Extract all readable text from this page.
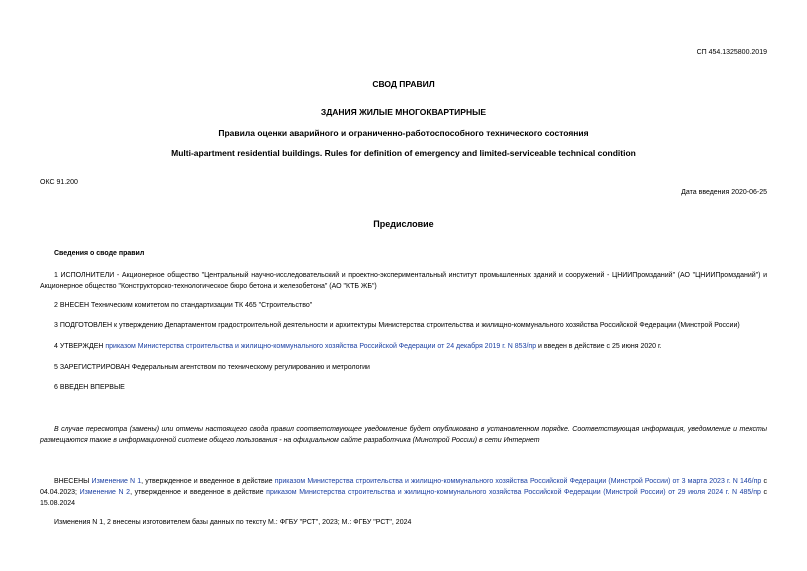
СП 454.1325800.2019
СВОД ПРАВИЛ
ЗДАНИЯ ЖИЛЫЕ МНОГОКВАРТИРНЫЕ
Правила оценки аварийного и ограниченно-работоспособного технического состояния
Multi-apartment residential buildings. Rules for definition of emergency and limited-serviceable technical condition
ОКС 91.200
Дата введения 2020-06-25
Предисловие
Сведения о своде правил
1 ИСПОЛНИТЕЛИ - Акционерное общество "Центральный научно-исследовательский и проектно-экспериментальный институт промышленных зданий и сооружений - ЦНИИПромзданий" (АО "ЦНИИПромзданий") и Акционерное общество "Конструкторско-технологическое бюро бетона и железобетона" (АО "КТБ ЖБ")
2 ВНЕСЕН Техническим комитетом по стандартизации ТК 465 "Строительство"
3 ПОДГОТОВЛЕН к утверждению Департаментом градостроительной деятельности и архитектуры Министерства строительства и жилищно-коммунального хозяйства Российской Федерации (Минстрой России)
4 УТВЕРЖДЕН приказом Министерства строительства и жилищно-коммунального хозяйства Российской Федерации от 24 декабря 2019 г. N 853/пр и введен в действие с 25 июня 2020 г.
5 ЗАРЕГИСТРИРОВАН Федеральным агентством по техническому регулированию и метрологии
6 ВВЕДЕН ВПЕРВЫЕ
В случае пересмотра (замены) или отмены настоящего свода правил соответствующее уведомление будет опубликовано в установленном порядке. Соответствующая информация, уведомление и тексты размещаются также в информационной системе общего пользования - на официальном сайте разработчика (Минстрой России) в сети Интернет
ВНЕСЕНЫ Изменение N 1, утвержденное и введенное в действие приказом Министерства строительства и жилищно-коммунального хозяйства Российской Федерации (Минстрой России) от 3 марта 2023 г. N 146/пр с 04.04.2023; Изменение N 2, утвержденное и введенное в действие приказом Министерства строительства и жилищно-коммунального хозяйства Российской Федерации (Минстрой России) от 29 июля 2024 г. N 485/пр с 15.08.2024
Изменения N 1, 2 внесены изготовителем базы данных по тексту М.: ФГБУ "РСТ", 2023; М.: ФГБУ "РСТ", 2024
